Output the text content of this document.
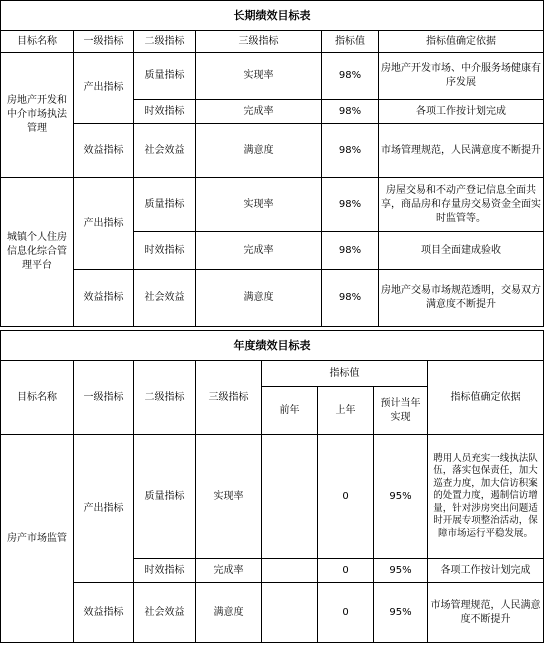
长期绩效目标表					
目标名称	一级指标	二级指标	三级指标	指标值	指标值确定依据
房地产开发和中介市场执法管理	产出指标	质量指标	实现率	98%	房地产开发市场、中介服务场健康有序发展
		时效指标	完成率	98%	各项工作按计划完成
	效益指标	社会效益	满意度	98%	市场管理规范，人民满意度不断提升
城镇个人住房信息化综合管理平台	产出指标	质量指标	实现率	98%	房屋交易和不动产登记信息全面共享，商品房和存量房交易资金全面实时监管等。
		时效指标	完成率	98%	项目全面建成验收
	效益指标	社会效益	满意度	98%	房地产交易市场规范透明，交易双方满意度不断提升
年度绩效目标表							
目标名称	一级指标	二级指标	三级指标	指标值			指标值确定依据
				前年	上年	预计当年实现	
房产市场监管	产出指标	质量指标	实现率		0	95%	聘用人员充实一线执法队伍，落实包保责任，加大巡查力度，加大信访积案的处置力度，遏制信访增量，针对涉房突出问题适时开展专项整治活动，保障市场运行平稳发展。
		时效指标	完成率		0	95%	各项工作按计划完成
	效益指标	社会效益	满意度		0	95%	市场管理规范，人民满意度不断提升
